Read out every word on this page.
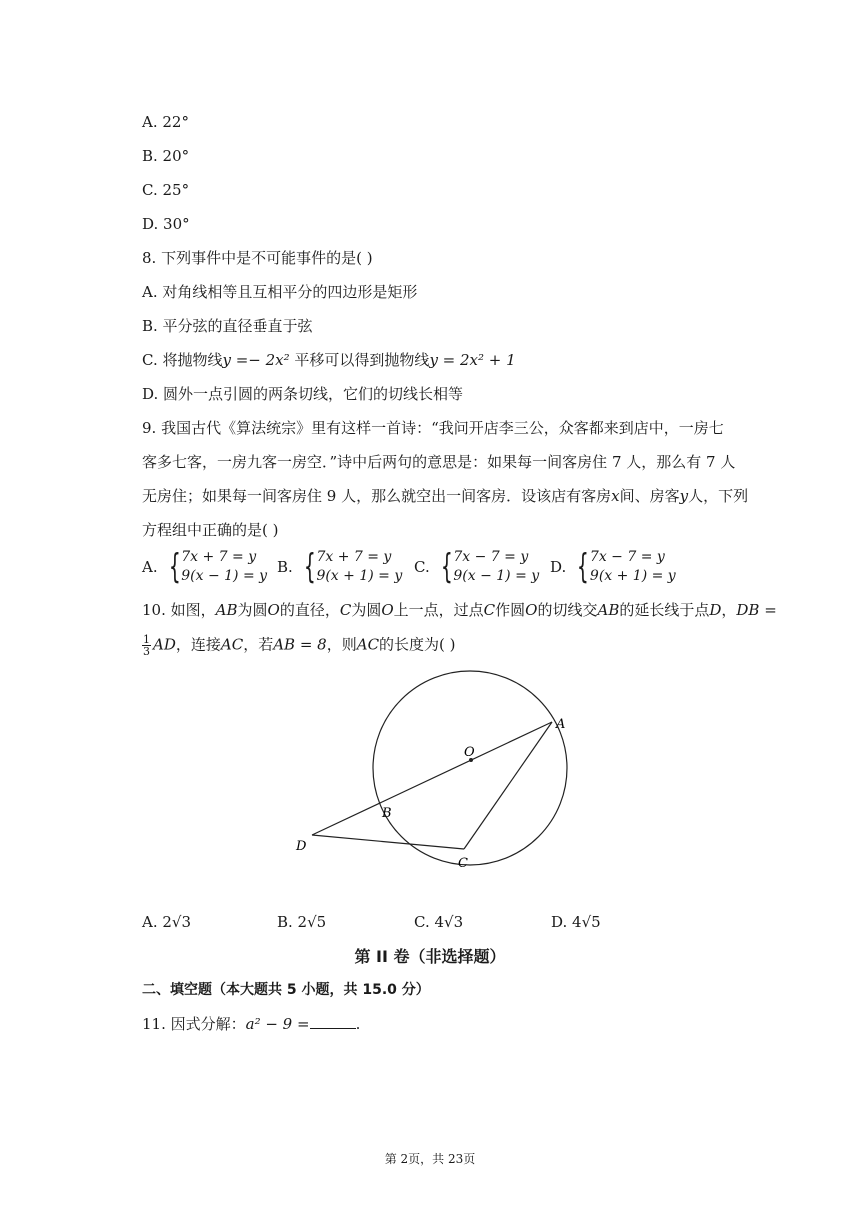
A. 22°
B. 20°
C. 25°
D. 30°
8. 下列事件中是不可能事件的是( )
A. 对角线相等且互相平分的四边形是矩形
B. 平分弦的直径垂直于弦
C. 将抛物线y =− 2x² 平移可以得到抛物线y = 2x² + 1
D. 圆外一点引圆的两条切线，它们的切线长相等
9. 我国古代《算法统宗》里有这样一首诗：“我问开店李三公，众客都来到店中，一房七
客多七客，一房九客一房空．”诗中后两句的意思是：如果每一间客房住 7 人，那么有 7 人
无房住；如果每一间客房住 9 人，那么就空出一间客房．设该店有客房x间、房客y人，下列
方程组中正确的是( )
A. { 7x + 7 = y
9(x − 1) = y B. { 7x + 7 = y
9(x + 1) = y C. { 7x − 7 = y
9(x − 1) = y D. { 7x − 7 = y
9(x + 1) = y
10. 如图，AB为圆O的直径，C为圆O上一点，过点C作圆O的切线交AB的延长线于点D，DB =
$\frac{1}{3}$ AD，连接AC，若AB = 8，则AC的长度为( )
O
A
B
C
D
A. 2√3	B. 2√5	C. 4√3	D. 4√5
第 II 卷（非选择题）
二、填空题（本大题共 5 小题，共 15.0 分）
11. 因式分解：a² − 9 =	.
第 2页，共 23页
